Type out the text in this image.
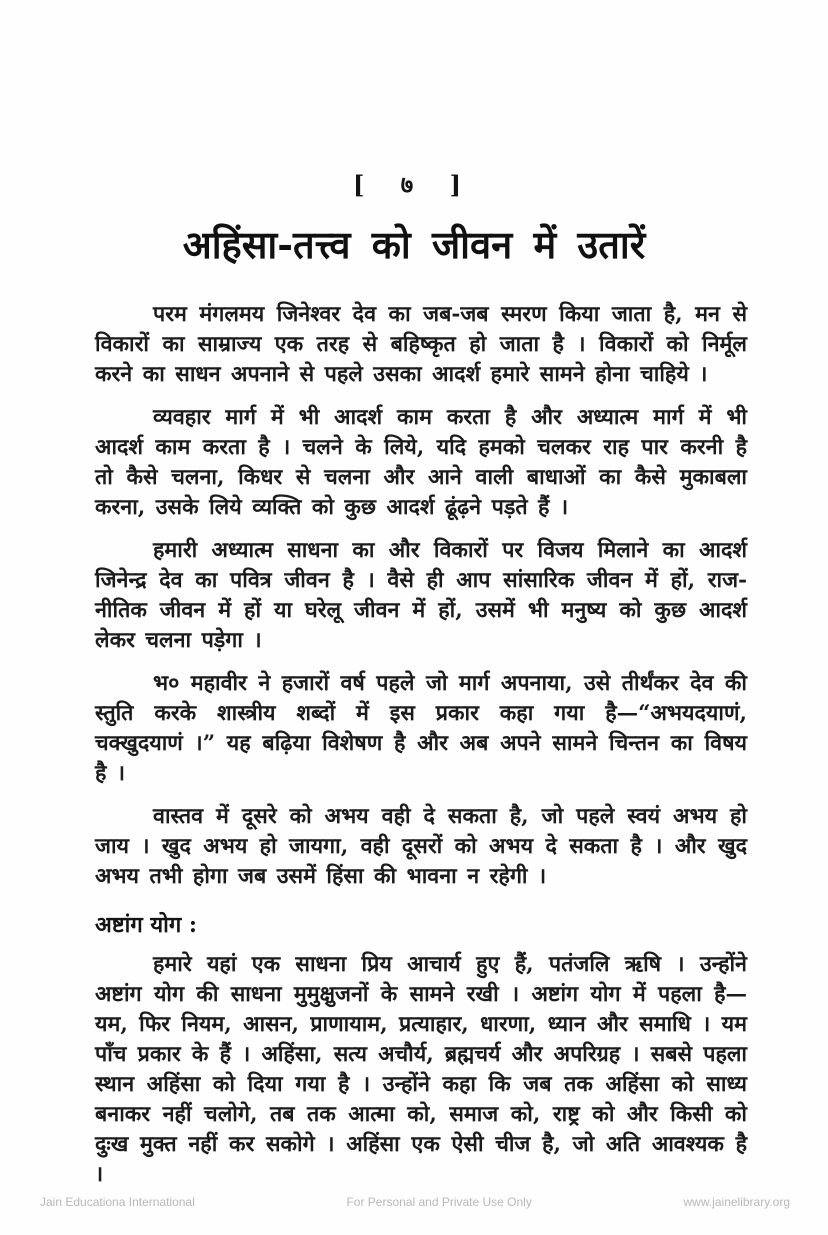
[ ७ ]
अहिंसा-तत्त्व को जीवन में उतारें

परम मंगलमय जिनेश्वर देव का जब-जब स्मरण किया जाता है, मन से विकारों का साम्राज्य एक तरह से बहिष्कृत हो जाता है । विकारों को निर्मूल करने का साधन अपनाने से पहले उसका आदर्श हमारे सामने होना चाहिये ।

व्यवहार मार्ग में भी आदर्श काम करता है और अध्यात्म मार्ग में भी आदर्श काम करता है । चलने के लिये, यदि हमको चलकर राह पार करनी है तो कैसे चलना, किधर से चलना और आने वाली बाधाओं का कैसे मुकाबला करना, उसके लिये व्यक्ति को कुछ आदर्श ढूंढ़ने पड़ते हैं ।

हमारी अध्यात्म साधना का और विकारों पर विजय मिलाने का आदर्श जिनेन्द्र देव का पवित्र जीवन है । वैसे ही आप सांसारिक जीवन में हों, राज-नीतिक जीवन में हों या घरेलू जीवन में हों, उसमें भी मनुष्य को कुछ आदर्श लेकर चलना पड़ेगा ।

भ० महावीर ने हजारों वर्ष पहले जो मार्ग अपनाया, उसे तीर्थंकर देव की स्तुति करके शास्त्रीय शब्दों में इस प्रकार कहा गया है—“अभयदयाणं, चक्खुदयाणं ।” यह बढ़िया विशेषण है और अब अपने सामने चिन्तन का विषय है ।

वास्तव में दूसरे को अभय वही दे सकता है, जो पहले स्वयं अभय हो जाय । खुद अभय हो जायगा, वही दूसरों को अभय दे सकता है । और खुद अभय तभी होगा जब उसमें हिंसा की भावना न रहेगी ।

अष्टांग योग :

हमारे यहां एक साधना प्रिय आचार्य हुए हैं, पतंजलि ऋषि । उन्होंने अष्टांग योग की साधना मुमुक्षुजनों के सामने रखी । अष्टांग योग में पहला है— यम, फिर नियम, आसन, प्राणायाम, प्रत्याहार, धारणा, ध्यान और समाधि । यम पाँच प्रकार के हैं । अहिंसा, सत्य अचौर्य, ब्रह्मचर्य और अपरिग्रह । सबसे पहला स्थान अहिंसा को दिया गया है । उन्होंने कहा कि जब तक अहिंसा को साध्य बनाकर नहीं चलोगे, तब तक आत्मा को, समाज को, राष्ट्र को और किसी को दुःख मुक्त नहीं कर सकोगे । अहिंसा एक ऐसी चीज है, जो अति आवश्यक है ।

Jain Educationa International	For Personal and Private Use Only	www.jainelibrary.org
